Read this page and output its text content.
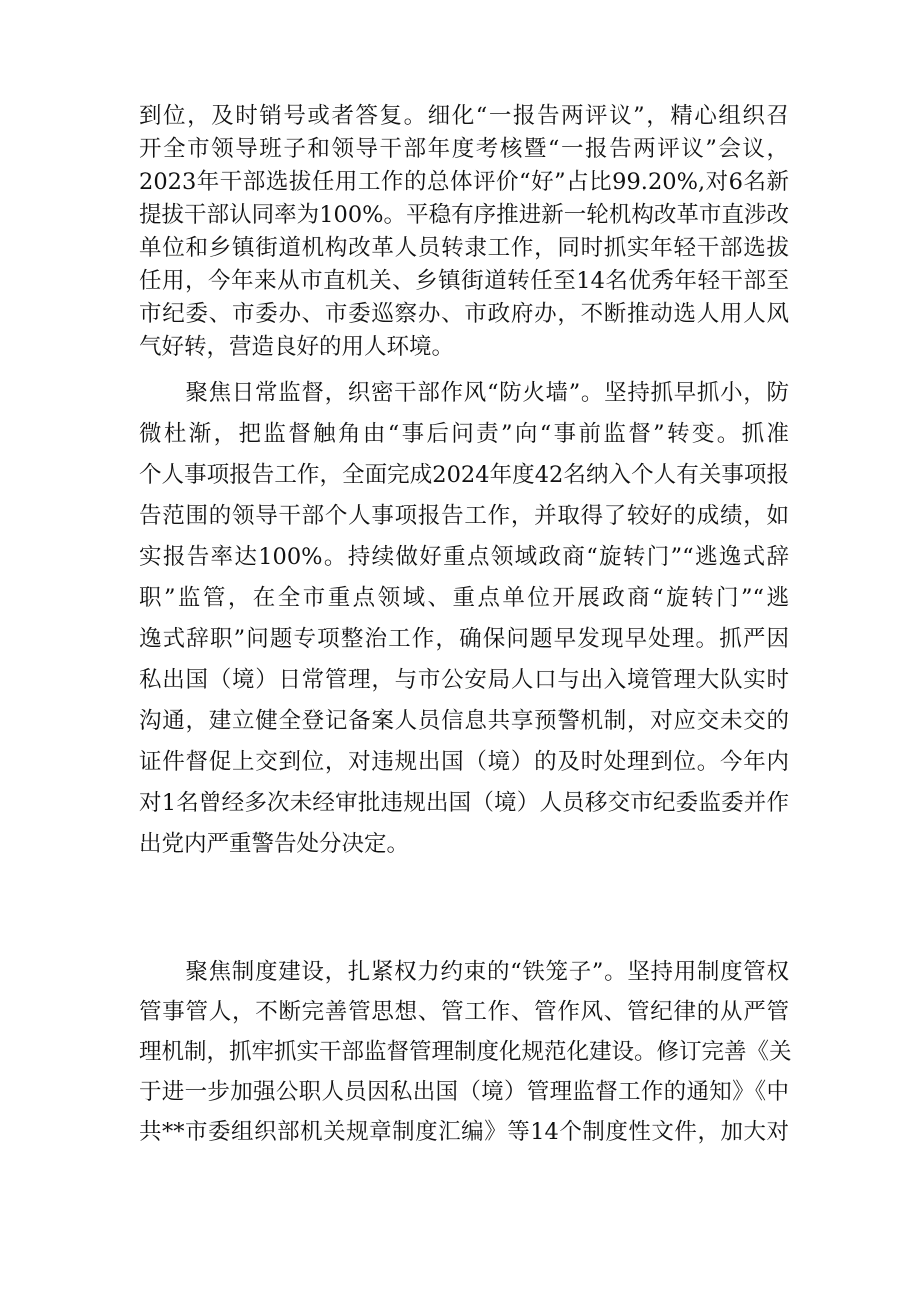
到位，及时销号或者答复。细化“一报告两评议”，精心组织召
开全市领导班子和领导干部年度考核暨“一报告两评议”会议，
2023年干部选拔任用工作的总体评价“好”占比99.20%,对6名新
提拔干部认同率为100%。平稳有序推进新一轮机构改革市直涉改
单位和乡镇街道机构改革人员转隶工作，同时抓实年轻干部选拔
任用，今年来从市直机关、乡镇街道转任至14名优秀年轻干部至
市纪委、市委办、市委巡察办、市政府办，不断推动选人用人风
气好转，营造良好的用人环境。
　　聚焦日常监督，织密干部作风“防火墙”。坚持抓早抓小，防
微杜渐，把监督触角由“事后问责”向“事前监督”转变。抓准
个人事项报告工作，全面完成2024年度42名纳入个人有关事项报
告范围的领导干部个人事项报告工作，并取得了较好的成绩，如
实报告率达100%。持续做好重点领域政商“旋转门”“逃逸式辞
职”监管，在全市重点领域、重点单位开展政商“旋转门”“逃
逸式辞职”问题专项整治工作，确保问题早发现早处理。抓严因
私出国（境）日常管理，与市公安局人口与出入境管理大队实时
沟通，建立健全登记备案人员信息共享预警机制，对应交未交的
证件督促上交到位，对违规出国（境）的及时处理到位。今年内
对1名曾经多次未经审批违规出国（境）人员移交市纪委监委并作
出党内严重警告处分决定。
　　聚焦制度建设，扎紧权力约束的“铁笼子”。坚持用制度管权
管事管人，不断完善管思想、管工作、管作风、管纪律的从严管
理机制，抓牢抓实干部监督管理制度化规范化建设。修订完善《关
于进一步加强公职人员因私出国（境）管理监督工作的通知》《中
共**市委组织部机关规章制度汇编》等14个制度性文件，加大对
